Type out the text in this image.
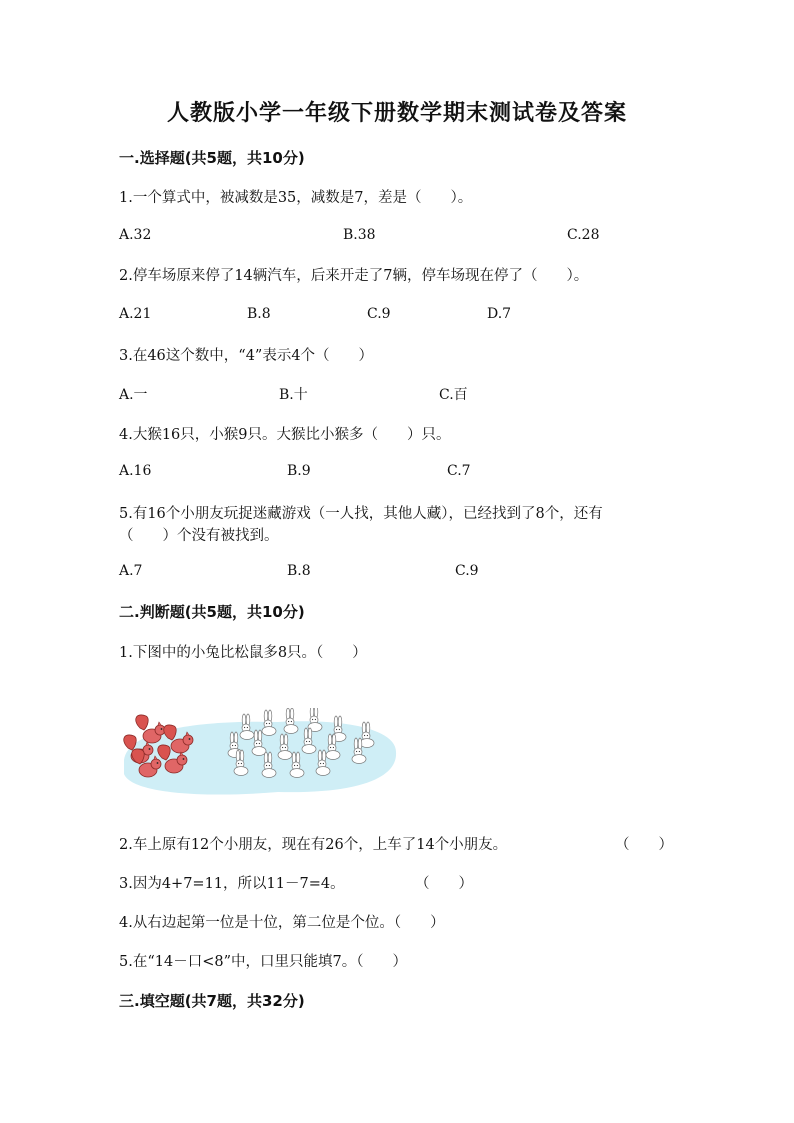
人教版小学一年级下册数学期末测试卷及答案
一.选择题(共5题，共10分)
1.一个算式中，被减数是35，减数是7，差是（　　）。
A.32	B.38	C.28
2.停车场原来停了14辆汽车，后来开走了7辆，停车场现在停了（　　）。
A.21	B.8	C.9	D.7
3.在46这个数中，“4”表示4个（　　）
A.一	B.十	C.百
4.大猴16只，小猴9只。大猴比小猴多（　　）只。
A.16	B.9	C.7
5.有16个小朋友玩捉迷藏游戏（一人找，其他人藏），已经找到了8个，还有
（　　）个没有被找到。
A.7	B.8	C.9
二.判断题(共5题，共10分)
1.下图中的小兔比松鼠多8只。（　　）
2.车上原有12个小朋友，现在有26个，上车了14个小朋友。	（　　）
3.因为4+7=11，所以11－7=4。	（　　）
4.从右边起第一位是十位，第二位是个位。（　　）
5.在“14－口<8”中，口里只能填7。（　　）
三.填空题(共7题，共32分)
